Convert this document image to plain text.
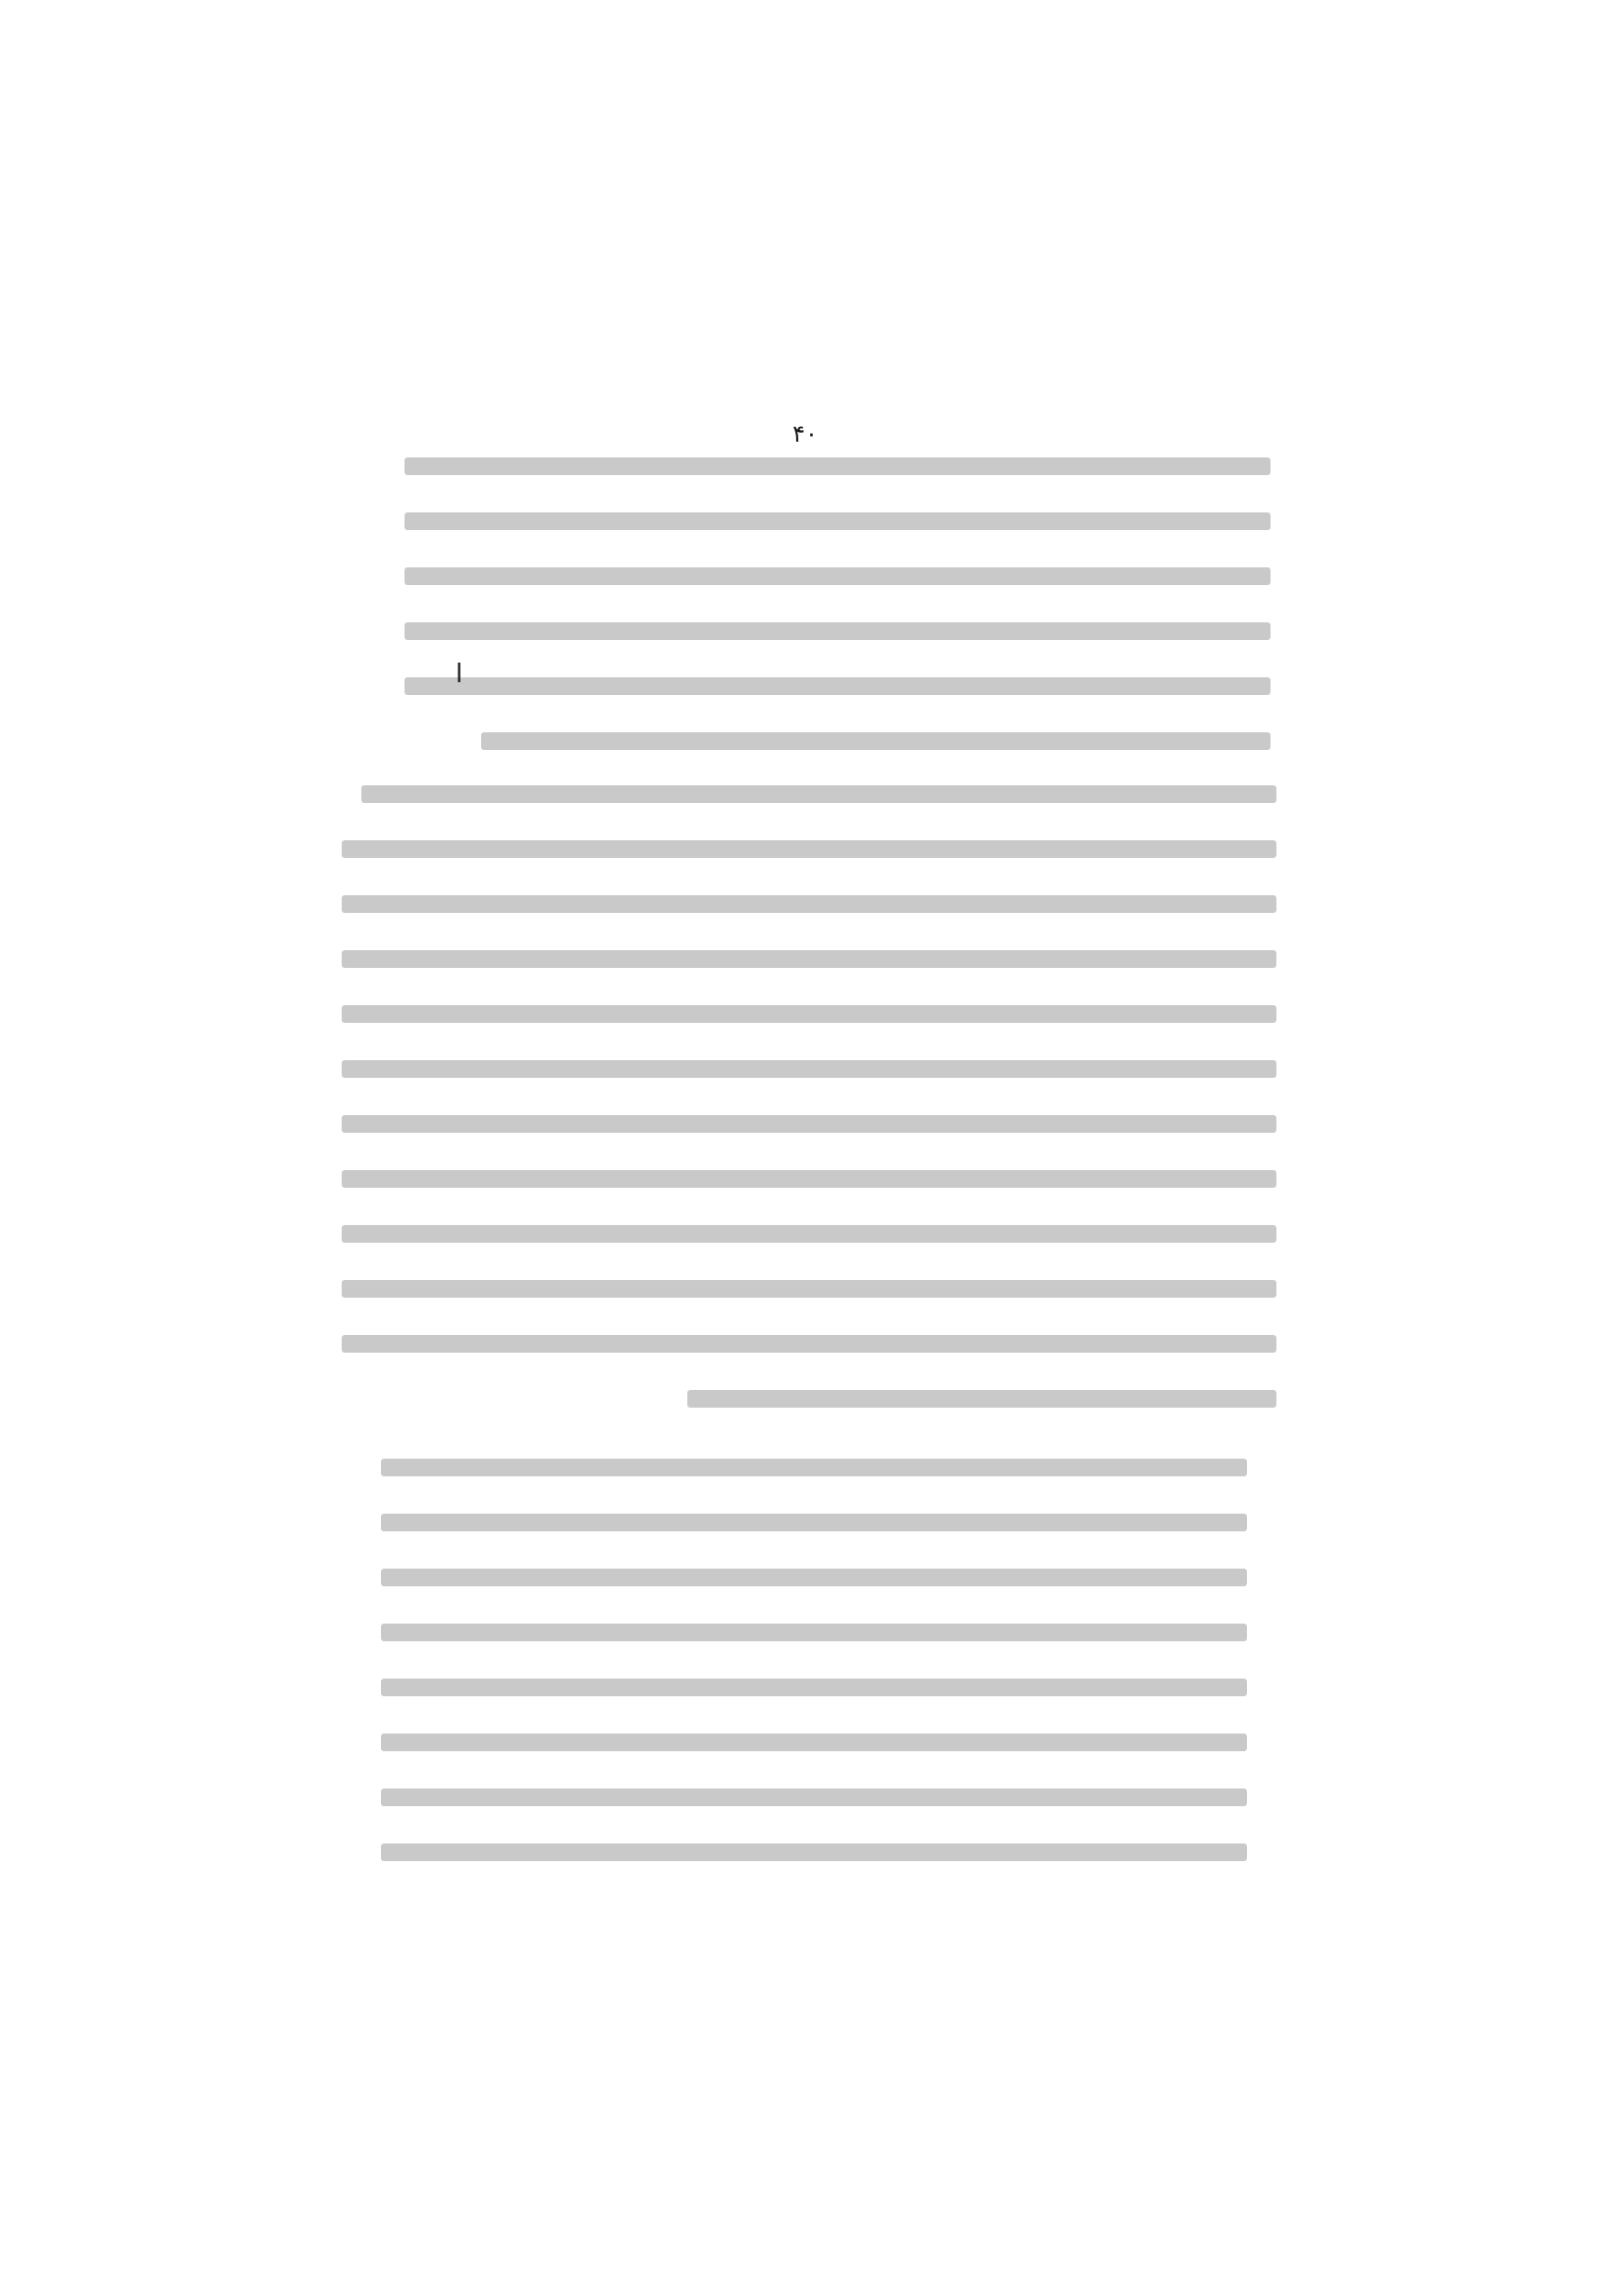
۴۰
ا
